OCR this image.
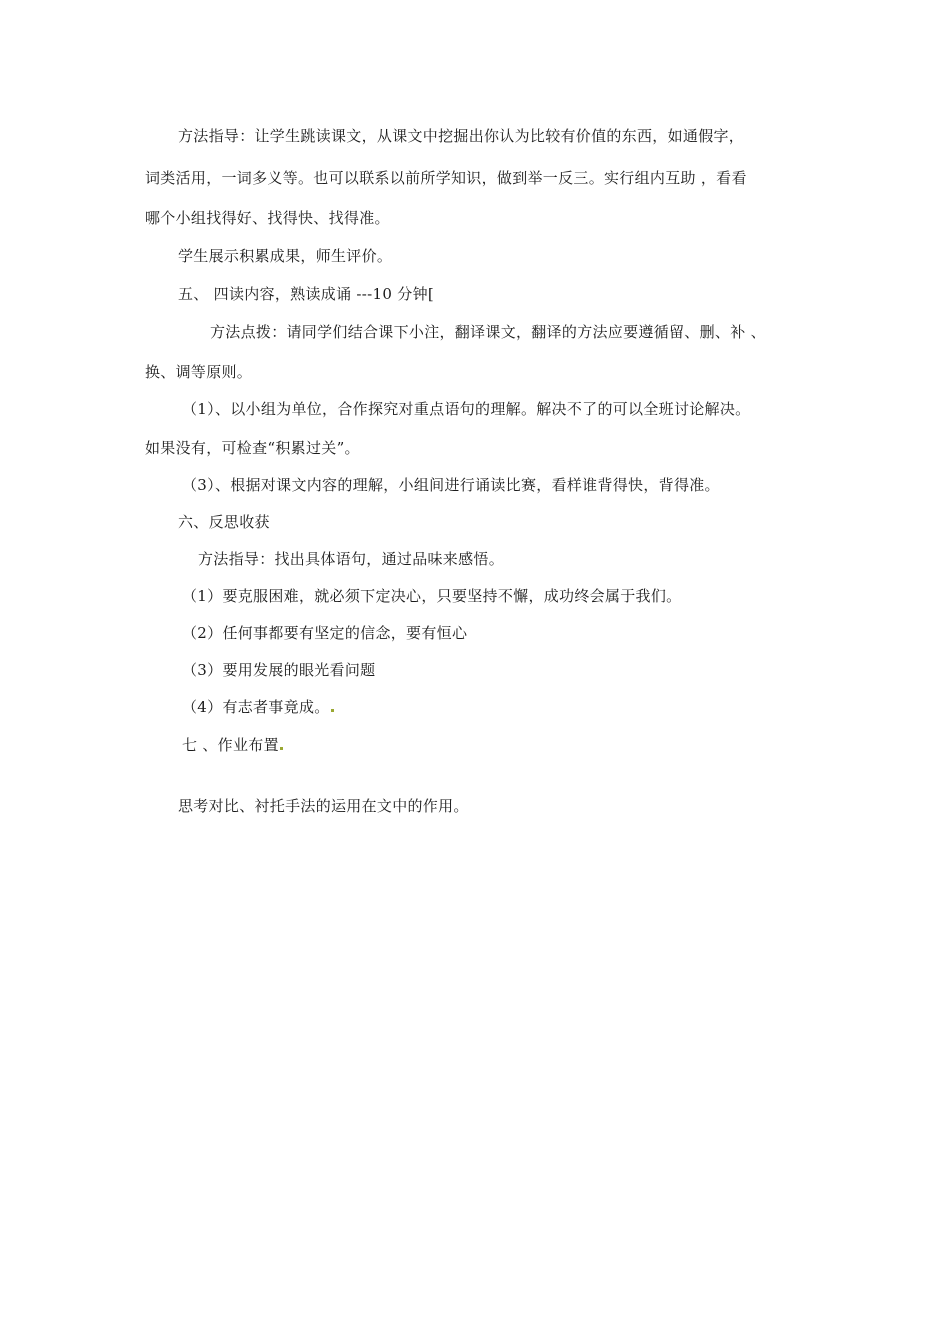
方法指导：让学生跳读课文，从课文中挖掘出你认为比较有价值的东西，如通假字，
词类活用，一词多义等。也可以联系以前所学知识，做到举一反三。实行组内互助 ，看看
哪个小组找得好、找得快、找得准。
学生展示积累成果，师生评价。
五、 四读内容，熟读成诵 ---10 分钟[
方法点拨：请同学们结合课下小注，翻译课文，翻译的方法应要遵循留、删、补 、
换、调等原则。
（1）、以小组为单位，合作探究对重点语句的理解。解决不了的可以全班讨论解决。
如果没有，可检查“积累过关”。
（3）、根据对课文内容的理解，小组间进行诵读比赛，看样谁背得快，背得准。
六、反思收获
方法指导：找出具体语句，通过品味来感悟。
（1）要克服困难，就必须下定决心，只要坚持不懈，成功终会属于我们。
（2）任何事都要有坚定的信念，要有恒心
（3）要用发展的眼光看问题
（4）有志者事竟成。
七 、作业布置
思考对比、衬托手法的运用在文中的作用。
